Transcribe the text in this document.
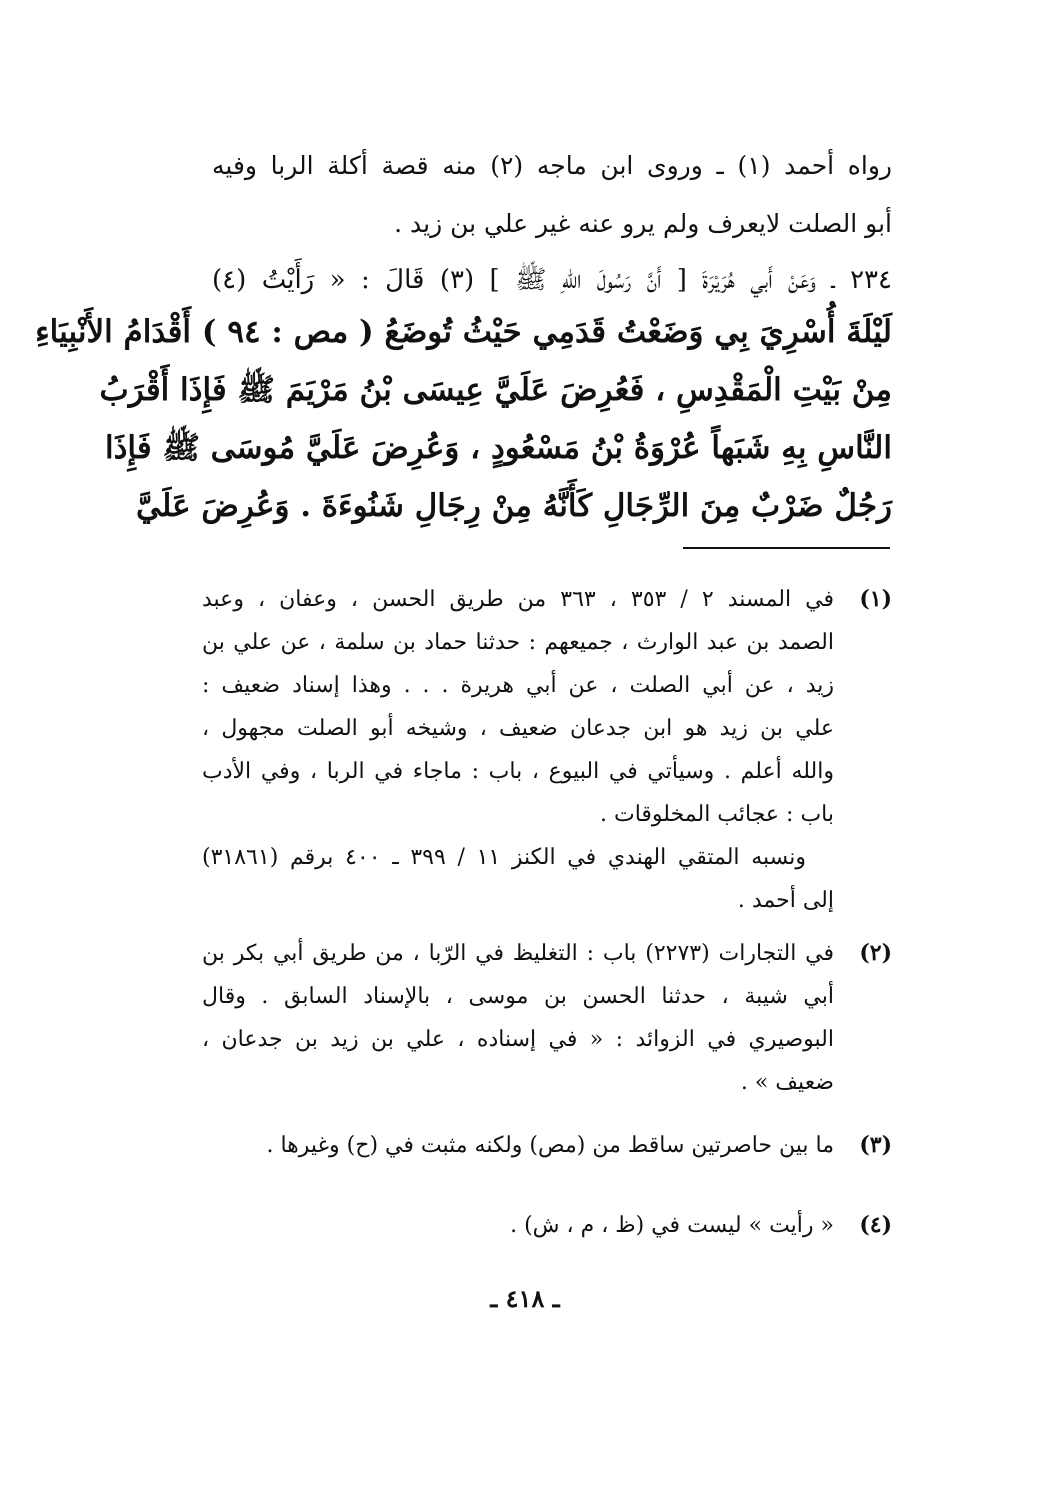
رواه أحمد (١) ـ وروى ابن ماجه (٢) منه قصة أكلة الربا وفيه
أبو الصلت لايعرف ولم يرو عنه غير علي بن زيد .
٢٣٤ ـ وَعَنْ أَبي هُرَيْرَةَ [ أَنَّ رَسُولَ اللهِ ﷺ ] (٣) قَالَ : « رَأَيْتُ (٤)
لَيْلَةَ أُسْرِيَ بِي وَضَعْتُ قَدَمِي حَيْثُ تُوضَعُ ( مص : ٩٤ ) أَقْدَامُ الأَنْبِيَاءِ
مِنْ بَيْتِ الْمَقْدِسِ ، فَعُرِضَ عَلَيَّ عِيسَى بْنُ مَرْيَمَ ﷺ فَإِذَا أَقْرَبُ
النَّاسِ بِهِ شَبَهاً عُرْوَةُ بْنُ مَسْعُودٍ ، وَعُرِضَ عَلَيَّ مُوسَى ﷺ فَإِذَا
رَجُلٌ ضَرْبٌ مِنَ الرِّجَالِ كَأَنَّهُ مِنْ رِجَالِ شَنُوءَةَ . وَعُرِضَ عَلَيَّ
(١)
في المسند ٢ / ٣٥٣ ، ٣٦٣ من طريق الحسن ، وعفان ، وعبد
الصمد بن عبد الوارث ، جميعهم : حدثنا حماد بن سلمة ، عن علي بن
زيد ، عن أبي الصلت ، عن أبي هريرة . . . وهذا إسناد ضعيف :
علي بن زيد هو ابن جدعان ضعيف ، وشيخه أبو الصلت مجهول ،
والله أعلم . وسيأتي في البيوع ، باب : ماجاء في الربا ، وفي الأدب
باب : عجائب المخلوقات .
ونسبه المتقي الهندي في الكنز ١١ / ٣٩٩ ـ ٤٠٠ برقم (٣١٨٦١)
إلى أحمد .
(٢)
في التجارات (٢٢٧٣) باب : التغليظ في الرّبا ، من طريق أبي بكر بن
أبي شيبة ، حدثنا الحسن بن موسى ، بالإسناد السابق . وقال
البوصيري في الزوائد : « في إسناده ، علي بن زيد بن جدعان ،
ضعيف » .
(٣)
ما بين حاصرتين ساقط من (مص) ولكنه مثبت في (ح) وغيرها .
(٤)
« رأيت » ليست في (ظ ، م ، ش) .
ـ ٤١٨ ـ
